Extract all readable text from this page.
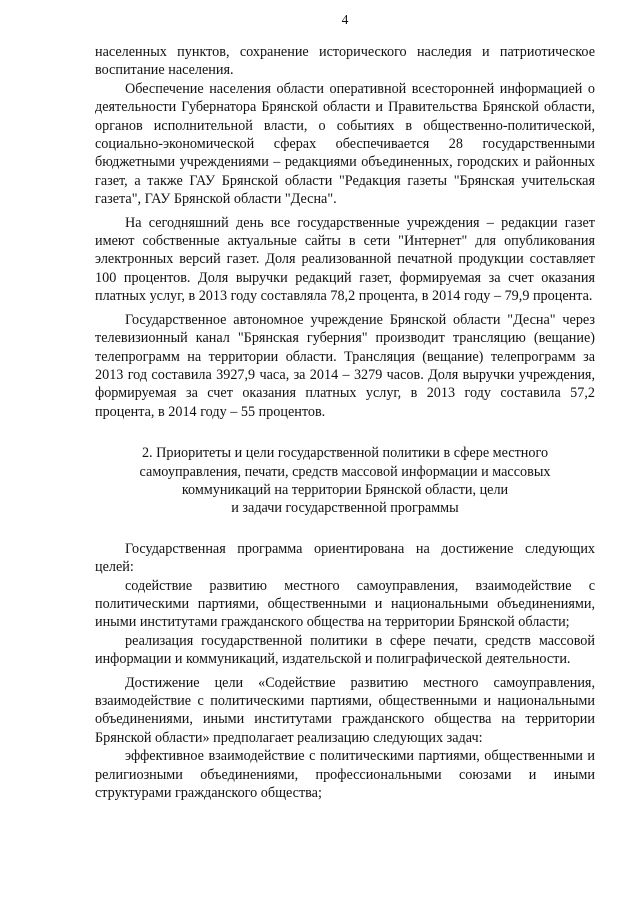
4

населенных пунктов, сохранение исторического наследия и патриотическое воспитание населения.

Обеспечение населения области оперативной всесторонней информацией о деятельности Губернатора Брянской области и Правительства Брянской области, органов исполнительной власти, о событиях в общественно-политической, социально-экономической сферах обеспечивается 28 государственными бюджетными учреждениями – редакциями объединенных, городских и районных газет, а также ГАУ Брянской области "Редакция газеты "Брянская учительская газета", ГАУ Брянской области "Десна".

На сегодняшний день все государственные учреждения – редакции газет имеют собственные актуальные сайты в сети "Интернет" для опубликования электронных версий газет. Доля реализованной печатной продукции составляет 100 процентов. Доля выручки редакций газет, формируемая за счет оказания платных услуг, в 2013 году составляла 78,2 процента, в 2014 году – 79,9 процента.

Государственное автономное учреждение Брянской области "Десна" через телевизионный канал "Брянская губерния" производит трансляцию (вещание) телепрограмм на территории области. Трансляция (вещание) телепрограмм за 2013 год составила 3927,9 часа, за 2014 – 3279 часов. Доля выручки учреждения, формируемая за счет оказания платных услуг, в 2013 году составила 57,2 процента, в 2014 году – 55 процентов.

2. Приоритеты и цели государственной политики в сфере местного
самоуправления, печати, средств массовой информации и массовых
коммуникаций на территории Брянской области, цели
и задачи государственной программы

Государственная программа ориентирована на достижение следующих целей:

содействие развитию местного самоуправления, взаимодействие с политическими партиями, общественными и национальными объединениями, иными институтами гражданского общества на территории Брянской области;

реализация государственной политики в сфере печати, средств массовой информации и коммуникаций, издательской и полиграфической деятельности.

Достижение цели «Содействие развитию местного самоуправления, взаимодействие с политическими партиями, общественными и национальными объединениями, иными институтами гражданского общества на территории Брянской области» предполагает реализацию следующих задач:

эффективное взаимодействие с политическими партиями, общественными и религиозными объединениями, профессиональными союзами и иными структурами гражданского общества;
